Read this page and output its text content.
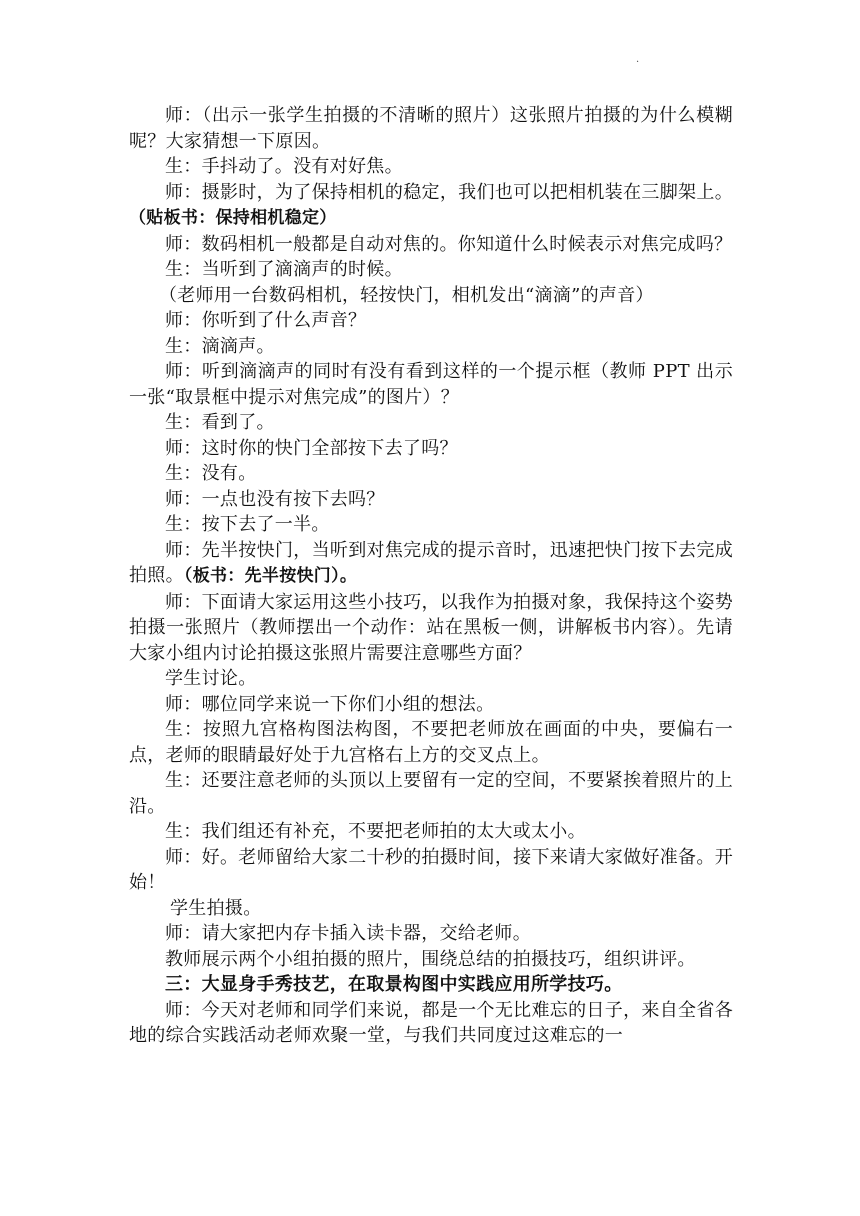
·

师：（出示一张学生拍摄的不清晰的照片）这张照片拍摄的为什么模糊呢？大家猜想一下原因。

生：手抖动了。没有对好焦。

师：摄影时，为了保持相机的稳定，我们也可以把相机装在三脚架上。（贴板书：保持相机稳定）

师：数码相机一般都是自动对焦的。你知道什么时候表示对焦完成吗？

生：当听到了滴滴声的时候。

（老师用一台数码相机，轻按快门，相机发出“滴滴”的声音）

师：你听到了什么声音？

生：滴滴声。

师：听到滴滴声的同时有没有看到这样的一个提示框（教师 PPT 出示一张“取景框中提示对焦完成”的图片）？

生：看到了。

师：这时你的快门全部按下去了吗？

生：没有。

师：一点也没有按下去吗？

生：按下去了一半。

师：先半按快门，当听到对焦完成的提示音时，迅速把快门按下去完成拍照。（板书：先半按快门）。

师：下面请大家运用这些小技巧，以我作为拍摄对象，我保持这个姿势拍摄一张照片（教师摆出一个动作：站在黑板一侧，讲解板书内容）。先请大家小组内讨论拍摄这张照片需要注意哪些方面？

学生讨论。

师：哪位同学来说一下你们小组的想法。

生：按照九宫格构图法构图，不要把老师放在画面的中央，要偏右一点，老师的眼睛最好处于九宫格右上方的交叉点上。

生：还要注意老师的头顶以上要留有一定的空间，不要紧挨着照片的上沿。

生：我们组还有补充，不要把老师拍的太大或太小。

师：好。老师留给大家二十秒的拍摄时间，接下来请大家做好准备。开始！

学生拍摄。

师：请大家把内存卡插入读卡器，交给老师。

教师展示两个小组拍摄的照片，围绕总结的拍摄技巧，组织讲评。

三：大显身手秀技艺，在取景构图中实践应用所学技巧。

师：今天对老师和同学们来说，都是一个无比难忘的日子，来自全省各地的综合实践活动老师欢聚一堂，与我们共同度过这难忘的一
